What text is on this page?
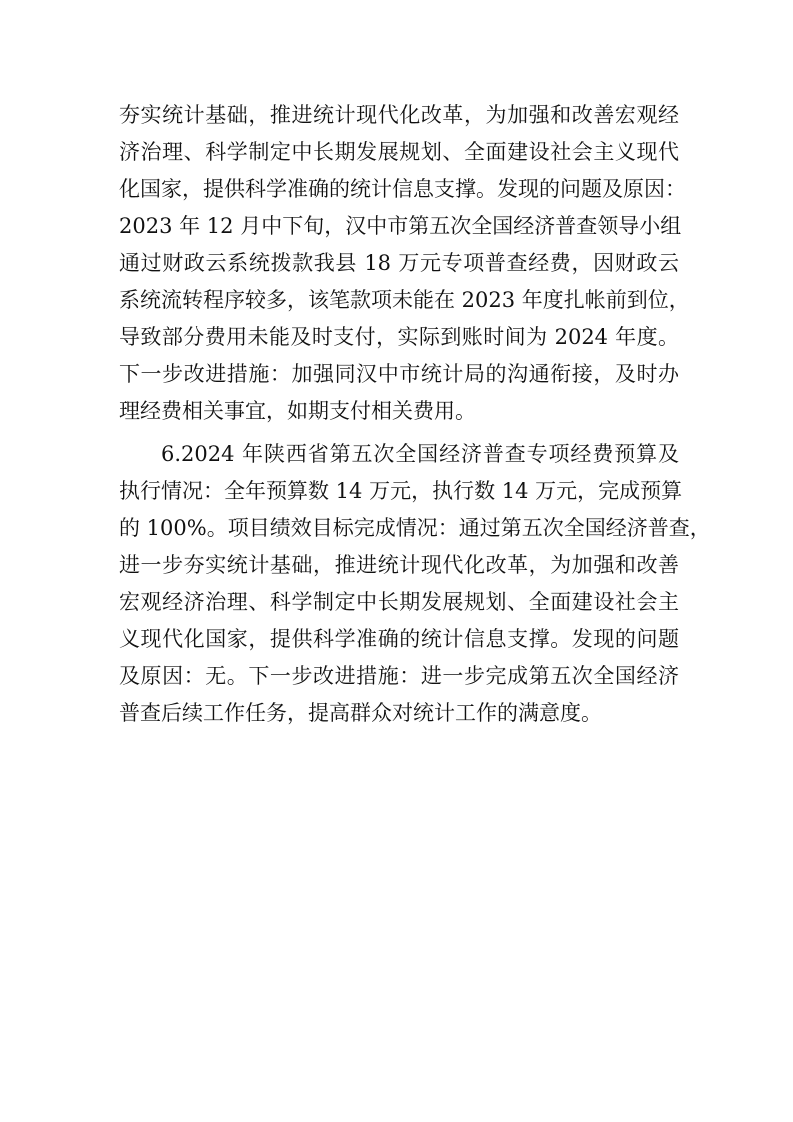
夯实统计基础，推进统计现代化改革，为加强和改善宏观经
济治理、科学制定中长期发展规划、全面建设社会主义现代
化国家，提供科学准确的统计信息支撑。发现的问题及原因：
2023 年 12 月中下旬，汉中市第五次全国经济普查领导小组
通过财政云系统拨款我县 18 万元专项普查经费，因财政云
系统流转程序较多，该笔款项未能在 2023 年度扎帐前到位，
导致部分费用未能及时支付，实际到账时间为 2024 年度。
下一步改进措施：加强同汉中市统计局的沟通衔接，及时办
理经费相关事宜，如期支付相关费用。
6.2024 年陕西省第五次全国经济普查专项经费预算及
执行情况：全年预算数 14 万元，执行数 14 万元，完成预算
的 100%。项目绩效目标完成情况：通过第五次全国经济普查，
进一步夯实统计基础，推进统计现代化改革，为加强和改善
宏观经济治理、科学制定中长期发展规划、全面建设社会主
义现代化国家，提供科学准确的统计信息支撑。发现的问题
及原因：无。下一步改进措施：进一步完成第五次全国经济
普查后续工作任务，提高群众对统计工作的满意度。
